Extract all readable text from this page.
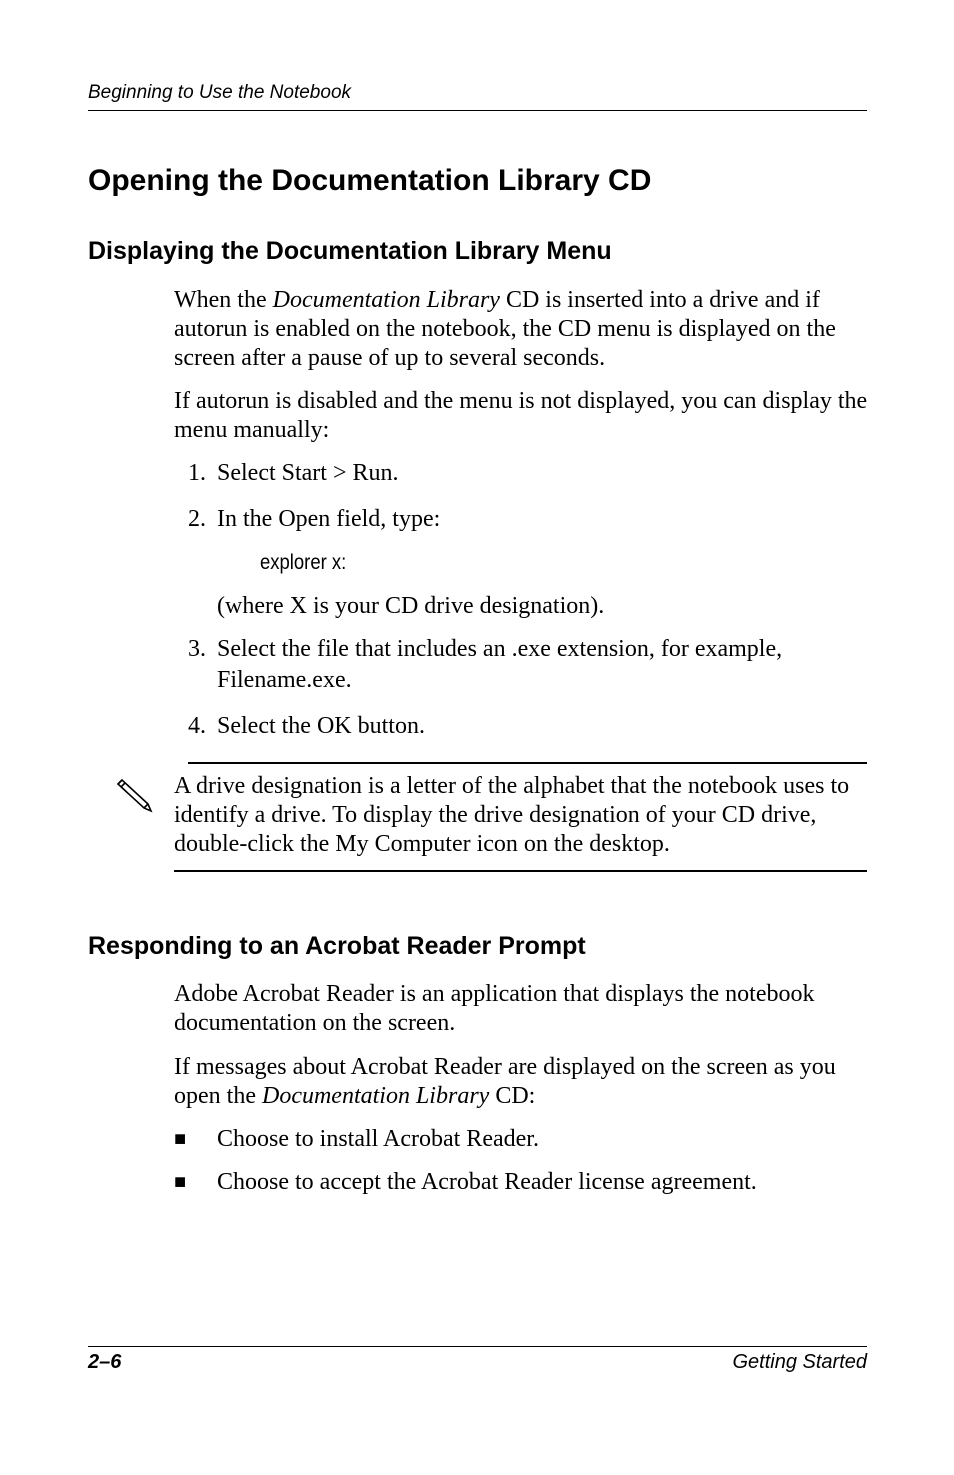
Beginning to Use the Notebook
Opening the Documentation Library CD
Displaying the Documentation Library Menu

When the Documentation Library CD is inserted into a drive and if autorun is enabled on the notebook, the CD menu is displayed on the screen after a pause of up to several seconds.

If autorun is disabled and the menu is not displayed, you can display the menu manually:

1. Select Start > Run.
2. In the Open field, type:
explorer x:
(where X is your CD drive designation).
3. Select the file that includes an .exe extension, for example, Filename.exe.
4. Select the OK button.

A drive designation is a letter of the alphabet that the notebook uses to identify a drive. To display the drive designation of your CD drive, double-click the My Computer icon on the desktop.

Responding to an Acrobat Reader Prompt

Adobe Acrobat Reader is an application that displays the notebook documentation on the screen.

If messages about Acrobat Reader are displayed on the screen as you open the Documentation Library CD:

■ Choose to install Acrobat Reader.
■ Choose to accept the Acrobat Reader license agreement.
2–6	Getting Started
